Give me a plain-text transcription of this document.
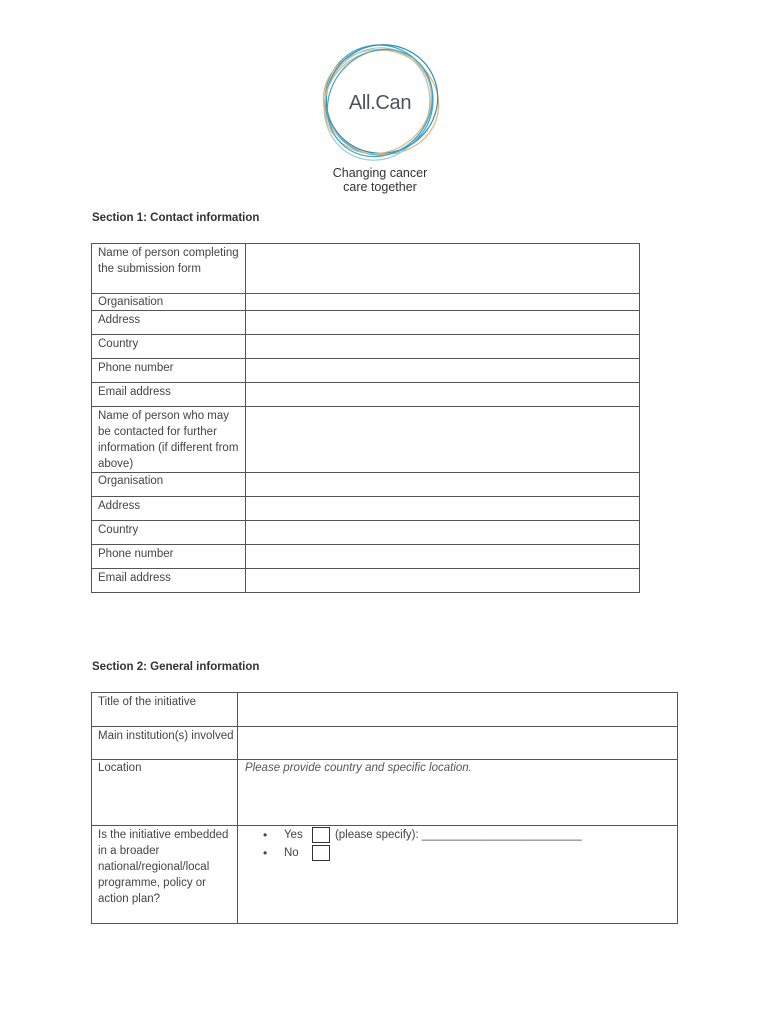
All.Can
Changing cancer
care together
Section 1: Contact information
Name of person completing the submission form	
Organisation	
Address	
Country	
Phone number	
Email address	
Name of person who may be contacted for further information (if different from above)	
Organisation	
Address	
Country	
Phone number	
Email address	
Section 2: General information
Title of the initiative	
Main institution(s) involved	
Location	Please provide country and specific location.
Is the initiative embedded in a broader national/regional/local programme, policy or action plan?	• Yes (please specify): _________________________
• No
